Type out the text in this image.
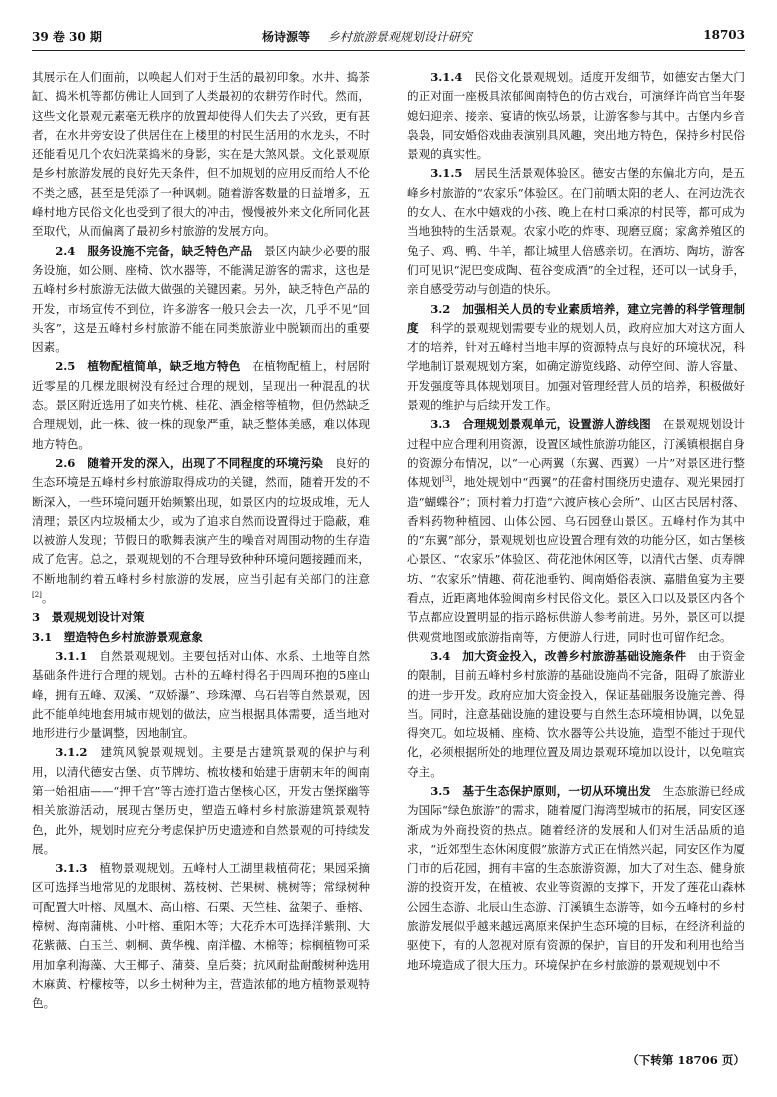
39 卷 30 期	杨诗源等 乡村旅游景观规划设计研究	18703

其展示在人们面前，以唤起人们对于生活的最初印象。水井、捣茶缸、捣米机等都仿佛让人回到了人类最初的农耕劳作时代。然而，这些文化景观元素毫无秩序的放置却使得人们失去了兴致，更有甚者，在水井旁安设了供居住在上楼里的村民生活用的水龙头，不时还能看见几个农妇洗菜捣米的身影，实在是大煞风景。文化景观原是乡村旅游发展的良好先天条件，但不加规划的应用反而给人不伦不类之感，甚至是凭添了一种讽刺。随着游客数量的日益增多，五峰村地方民俗文化也受到了很大的冲击，慢慢被外来文化所同化甚至取代，从而偏离了最初乡村旅游的发展方向。

2.4　服务设施不完备，缺乏特色产品　景区内缺少必要的服务设施，如公厕、座椅、饮水器等，不能满足游客的需求，这也是五峰村乡村旅游无法做大做强的关键因素。另外，缺乏特色产品的开发，市场宣传不到位，许多游客一般只会去一次，几乎不见“回头客”，这是五峰村乡村旅游不能在同类旅游业中脱颖而出的重要因素。

2.5　植物配植简单，缺乏地方特色　在植物配植上，村居附近零星的几棵龙眼树没有经过合理的规划，呈现出一种混乱的状态。景区附近选用了如夹竹桃、桂花、酒金榕等植物，但仍然缺乏合理规划，此一株、彼一株的现象严重，缺乏整体美感，难以体现地方特色。

2.6　随着开发的深入，出现了不同程度的环境污染　良好的生态环境是五峰村乡村旅游取得成功的关键，然而，随着开发的不断深入，一些环境问题开始频繁出现，如景区内的垃圾成堆，无人清理；景区内垃圾桶太少，或为了追求自然而设置得过于隐蔽，难以被游人发现；节假日的歌舞表演产生的噪音对周围动物的生存造成了危害。总之，景观规划的不合理导致种种环境问题接踵而来，不断地制约着五峰村乡村旅游的发展，应当引起有关部门的注意[2]。

3　景观规划设计对策
3.1　塑造特色乡村旅游景观意象

3.1.1　自然景观规划。主要包括对山体、水系、土地等自然基础条件进行合理的规划。古朴的五峰村得名于四周环抱的5座山峰，拥有五峰、双溪、“双娇瀑”、珍珠潭、乌石岩等自然景观，因此不能单纯地套用城市规划的做法，应当根据具体需要，适当地对地形进行少量调整，因地制宜。

3.1.2　建筑风貌景观规划。主要是古建筑景观的保护与利用，以清代德安古堡、贞节牌坊、梳妆楼和始建于唐朝末年的闽南第一始祖庙——“押千宫”等古迹打造古堡核心区，开发古堡探幽等相关旅游活动，展现古堡历史，塑造五峰村乡村旅游建筑景观特色，此外，规划时应充分考虑保护历史遗迹和自然景观的可持续发展。

3.1.3　植物景观规划。五峰村人工湖里栽植荷花；果园采摘区可选择当地常见的龙眼树、荔枝树、芒果树、桃树等；常绿树种可配置大叶榕、凤凰木、高山榕、石栗、天竺桂、盆架子、垂榕、樟树、海南蒲桃、小叶榕、重阳木等；大花乔木可选择洋紫荆、大花紫薇、白玉兰、刺桐、黄华槐、南洋楹、木棉等；棕榈植物可采用加拿利海藻、大王椰子、蒲葵、皇后葵；抗风耐盐耐酸树种选用木麻黄、柠檬桉等，以乡土树种为主，营造浓郁的地方植物景观特色。

3.1.4　民俗文化景观规划。适度开发细节，如德安古堡大门的正对面一座极具浓郁闽南特色的仿古戏台，可演绎许尚官当年娶媳妇迎亲、接亲、宴请的恢弘场景，让游客参与其中。古堡内乡音袅袅，同安婚俗戏曲表演别具风趣，突出地方特色，保持乡村民俗景观的真实性。

3.1.5　居民生活景观体验区。德安古堡的东偏北方向，是五峰乡村旅游的“农家乐”体验区。在门前晒太阳的老人、在河边洗衣的女人、在水中嬉戏的小孩、晚上在村口乘凉的村民等，都可成为当地独特的生活景观。农家小吃的炸枣、现磨豆腐；家禽养殖区的兔子、鸡、鸭、牛羊，都让城里人倍感亲切。在酒坊、陶坊，游客们可见识“泥巴变成陶、苞谷变成酒”的全过程，还可以一试身手，亲自感受劳动与创造的快乐。

3.2　加强相关人员的专业素质培养，建立完善的科学管理制度　科学的景观规划需要专业的规划人员，政府应加大对这方面人才的培养，针对五峰村当地丰厚的资源特点与良好的环境状况，科学地制订景观规划方案，如确定游览线路、动停空间、游人容量、开发强度等具体规划项目。加强对管理经营人员的培养，积极做好景观的维护与后续开发工作。

3.3　合理规划景观单元，设置游人游线图　在景观规划设计过程中应合理利用资源，设置区域性旅游功能区，汀溪镇根据自身的资源分布情况，以“一心两翼（东翼、西翼）一片”对景区进行整体规划[3]，地处规划中“西翼”的茌畲村围绕历史遗存、观光果园打造“蝴蝶谷”；顶村着力打造“六渡庐核心会所”、山区古民居村落、香料药物种植园、山体公园、乌石园登山景区。五峰村作为其中的“东翼”部分，景观规划也应设置合理有效的功能分区，如古堡核心景区、“农家乐”体验区、荷花池休闲区等，以清代古堡、贞寿牌坊、“农家乐”情趣、荷花池垂钓、闽南婚俗表演、嘉腊鱼宴为主要看点，近距离地体验闽南乡村民俗文化。景区入口以及景区内各个节点都应设置明显的指示路标供游人参考前进。另外，景区可以提供观赏地图或旅游指南等，方便游人行进，同时也可留作纪念。

3.4　加大资金投入，改善乡村旅游基础设施条件　由于资金的限制，目前五峰村乡村旅游的基础设施尚不完备，阻碍了旅游业的进一步开发。政府应加大资金投入，保证基础服务设施完善、得当。同时，注意基础设施的建设要与自然生态环境相协调，以免显得突兀。如垃圾桶、座椅、饮水器等公共设施，造型不能过于现代化，必须根据所处的地理位置及周边景观环境加以设计，以免喧宾夺主。

3.5　基于生态保护原则，一切从环境出发　生态旅游已经成为国际“绿色旅游”的需求，随着厦门海湾型城市的拓展，同安区逐渐成为外商投资的热点。随着经济的发展和人们对生活品质的追求，“近郊型生态休闲度假”旅游方式正在悄然兴起，同安区作为厦门市的后花园，拥有丰富的生态旅游资源，加大了对生态、健身旅游的投资开发，在植被、农业等资源的支撑下，开发了莲花山森林公园生态游、北辰山生态游、汀溪镇生态游等，如今五峰村的乡村旅游发展似乎越来越远离原来保护生态环境的目标，在经济利益的驱使下，有的人忽视对原有资源的保护，盲目的开发和利用也给当地环境造成了很大压力。环境保护在乡村旅游的景观规划中不

（下转第 18706 页）
